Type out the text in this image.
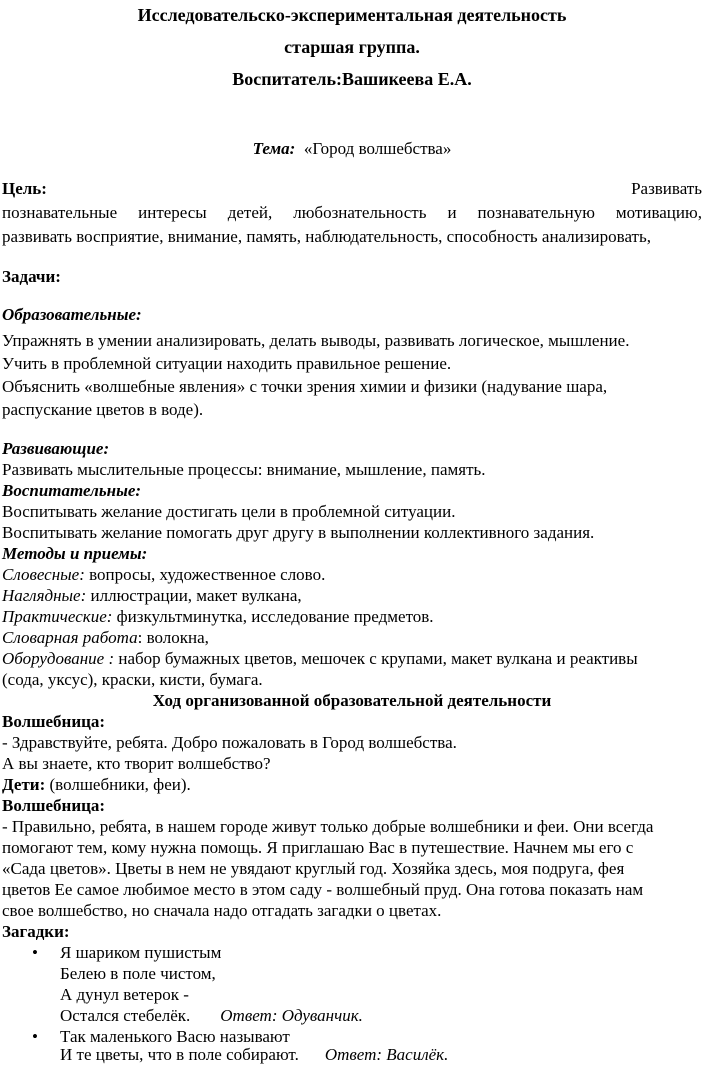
Исследовательско-экспериментальная деятельность
старшая группа.
Воспитатель:Вашикеева Е.А.
Тема: «Город волшебства»
Цель:	Развивать
познавательные интересы детей, любознательность и познавательную мотивацию,
развивать восприятие, внимание, память, наблюдательность, способность анализировать,
Задачи:
Образовательные:
Упражнять в умении анализировать, делать выводы, развивать логическое, мышление.
Учить в проблемной ситуации находить правильное решение.
Объяснить «волшебные явления» с точки зрения химии и физики (надувание шара,
распускание цветов в воде).
Развивающие:
Развивать мыслительные процессы: внимание, мышление, память.
Воспитательные:
Воспитывать желание достигать цели в проблемной ситуации.
Воспитывать желание помогать друг другу в выполнении коллективного задания.
Методы и приемы:
Словесные: вопросы, художественное слово.
Наглядные: иллюстрации, макет вулкана,
Практические: физкультминутка, исследование предметов.
Словарная работа: волокна,
Оборудование : набор бумажных цветов, мешочек с крупами, макет вулкана и реактивы
(сода, уксус), краски, кисти, бумага.
Ход организованной образовательной деятельности
Волшебница:
- Здравствуйте, ребята. Добро пожаловать в Город волшебства.
А вы знаете, кто творит волшебство?
Дети: (волшебники, феи).
Волшебница:
- Правильно, ребята, в нашем городе живут только добрые волшебники и феи. Они всегда
помогают тем, кому нужна помощь. Я приглашаю Вас в путешествие. Начнем мы его с
«Сада цветов». Цветы в нем не увядают круглый год. Хозяйка здесь, моя подруга, фея
цветов Ее самое любимое место в этом саду - волшебный пруд. Она готова показать нам
свое волшебство, но сначала надо отгадать загадки о цветах.
Загадки:
•	Я шариком пушистым
Белею в поле чистом,
А дунул ветерок -
Остался стебелёк. Ответ: Одуванчик.
•	Так маленького Васю называют
И те цветы, что в поле собирают. Ответ: Василёк.
